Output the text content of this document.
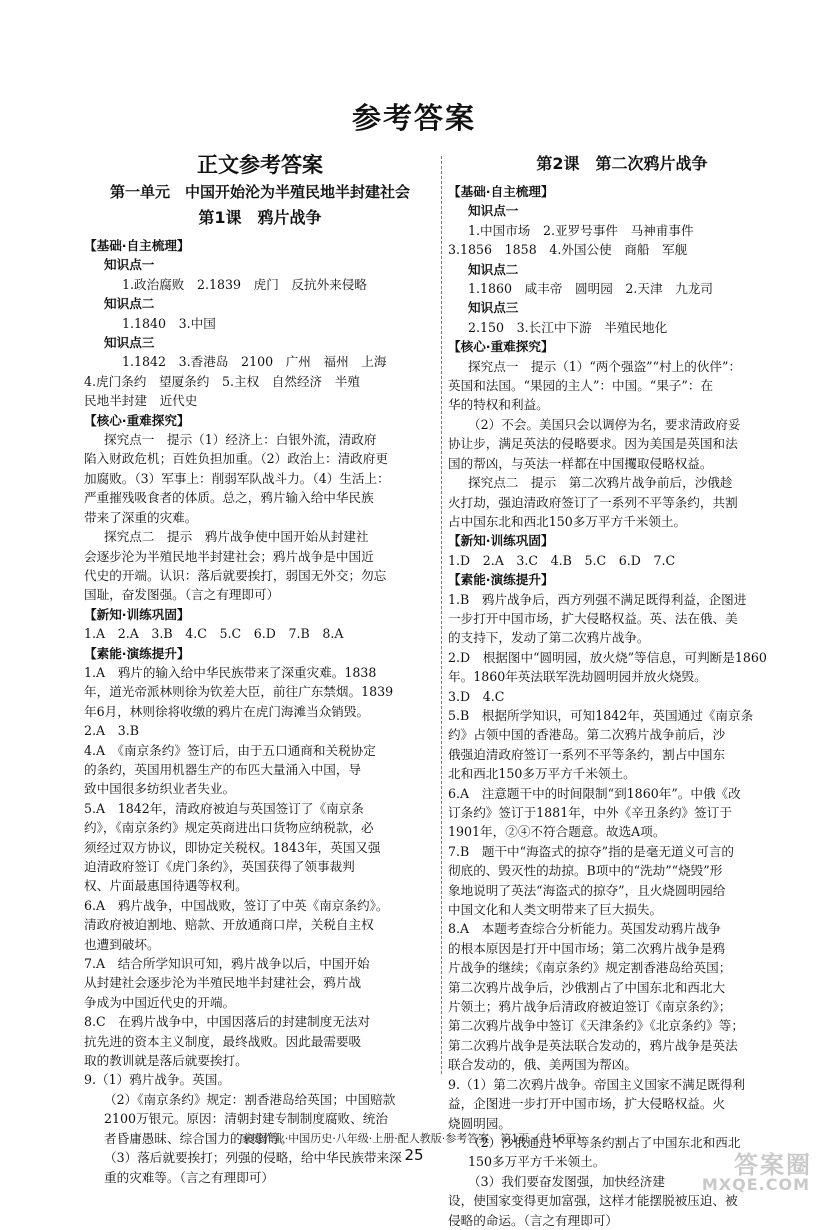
参考答案
正文参考答案
第一单元　中国开始沦为半殖民地半封建社会
第1课　鸦片战争
【基础·自主梳理】
知识点一
1.政治腐败　2.1839　虎门　反抗外来侵略
知识点二
1.1840　3.中国
知识点三
1.1842　3.香港岛　2100　广州　福州　上海
4.虎门条约　望厦条约　5.主权　自然经济　半殖
民地半封建　近代史
【核心·重难探究】
探究点一　提示（1）经济上：白银外流，清政府
陷入财政危机；百姓负担加重。（2）政治上：清政府更
加腐败。（3）军事上：削弱军队战斗力。（4）生活上：
严重摧残吸食者的体质。总之，鸦片输入给中华民族
带来了深重的灾难。
探究点二　提示　鸦片战争使中国开始从封建社
会逐步沦为半殖民地半封建社会；鸦片战争是中国近
代史的开端。认识：落后就要挨打，弱国无外交；勿忘
国耻，奋发图强。（言之有理即可）
【新知·训练巩固】
1.A　2.A　3.B　4.C　5.C　6.D　7.B　8.A
【素能·演练提升】
1.A　鸦片的输入给中华民族带来了深重灾难。1838
年，道光帝派林则徐为钦差大臣，前往广东禁烟。1839
年6月，林则徐将收缴的鸦片在虎门海滩当众销毁。
2.A　3.B
4.A　《南京条约》签订后，由于五口通商和关税协定
的条约，英国用机器生产的布匹大量涌入中国，导
致中国很多纺织业者失业。
5.A　1842年，清政府被迫与英国签订了《南京条
约》，《南京条约》规定英商进出口货物应纳税款，必
须经过双方协议，即协定关税权。1843年，英国又强
迫清政府签订《虎门条约》，英国获得了领事裁判
权、片面最惠国待遇等权利。
6.A　鸦片战争，中国战败，签订了中英《南京条约》。
清政府被迫割地、赔款、开放通商口岸，关税自主权
也遭到破坏。
7.A　结合所学知识可知，鸦片战争以后，中国开始
从封建社会逐步沦为半殖民地半封建社会，鸦片战
争成为中国近代史的开端。
8.C　在鸦片战争中，中国因落后的封建制度无法对
抗先进的资本主义制度，最终战败。因此最需要吸
取的教训就是落后就要挨打。
9.（1）鸦片战争。英国。
（2）《南京条约》规定：割香港岛给英国；中国赔款
2100万银元。原因：清朝封建专制制度腐败、统治
者昏庸愚昧、综合国力的衰弱等。
（3）落后就要挨打；列强的侵略，给中华民族带来深
重的灾难等。（言之有理即可）
第2课　第二次鸦片战争
【基础·自主梳理】
知识点一
1.中国市场　2.亚罗号事件　马神甫事件
3.1856　1858　4.外国公使　商船　军舰
知识点二
1.1860　咸丰帝　圆明园　2.天津　九龙司
知识点三
2.150　3.长江中下游　半殖民地化
【核心·重难探究】
探究点一　提示（1）“两个强盗”“村上的伙伴”：
英国和法国。“果园的主人”：中国。“果子”：在
华的特权和利益。
（2）不会。美国只会以调停为名，要求清政府妥
协让步，满足英法的侵略要求。因为美国是英国和法
国的帮凶，与英法一样都在中国攫取侵略权益。
探究点二　提示　第二次鸦片战争前后，沙俄趁
火打劫，强迫清政府签订了一系列不平等条约，共割
占中国东北和西北150多万平方千米领土。
【新知·训练巩固】
1.D　2.A　3.C　4.B　5.C　6.D　7.C
【素能·演练提升】
1.B　鸦片战争后，西方列强不满足既得利益，企图进
一步打开中国市场，扩大侵略权益。英、法在俄、美
的支持下，发动了第二次鸦片战争。
2.D　根据图中“圆明园，放火烧”等信息，可判断是1860
年。1860年英法联军洗劫圆明园并放火烧毁。
3.D　4.C
5.B　根据所学知识，可知1842年，英国通过《南京条
约》占领中国的香港岛。第二次鸦片战争前后，沙
俄强迫清政府签订一系列不平等条约，割占中国东
北和西北150多万平方千米领土。
6.A　注意题干中的时间限制“到1860年”。中俄《改
订条约》签订于1881年，中外《辛丑条约》签订于
1901年，②④不符合题意。故选A项。
7.B　题干中“海盗式的掠夺”指的是毫无道义可言的
彻底的、毁灭性的劫掠。B项中的“洗劫”“烧毁”形
象地说明了英法“海盗式的掠夺”，且火烧圆明园给
中国文化和人类文明带来了巨大损失。
8.A　本题考查综合分析能力。英国发动鸦片战争
的根本原因是打开中国市场；第二次鸦片战争是鸦
片战争的继续；《南京条约》规定割香港岛给英国；
第二次鸦片战争后，沙俄割占了中国东北和西北大
片领土；鸦片战争后清政府被迫签订《南京条约》；
第二次鸦片战争中签订《天津条约》《北京条约》等；
第二次鸦片战争是英法联合发动的，鸦片战争是英法
联合发动的，俄、美两国为帮凶。
9.（1）第二次鸦片战争。帝国主义国家不满足既得利
益，企图进一步打开中国市场，扩大侵略权益。火
烧圆明园。
（2）沙俄通过不平等条约割占了中国东北和西北
150多万平方千米领土。
（3）我们要奋发图强，加快经济建
设，使国家变得更加富强，这样才能摆脱被压迫、被
侵略的命运。（言之有理即可）
家庭作业·中国历史·八年级·上册·配人教版·参考答案　第1页（共16页）
25	答案圈
MXQE.COM
